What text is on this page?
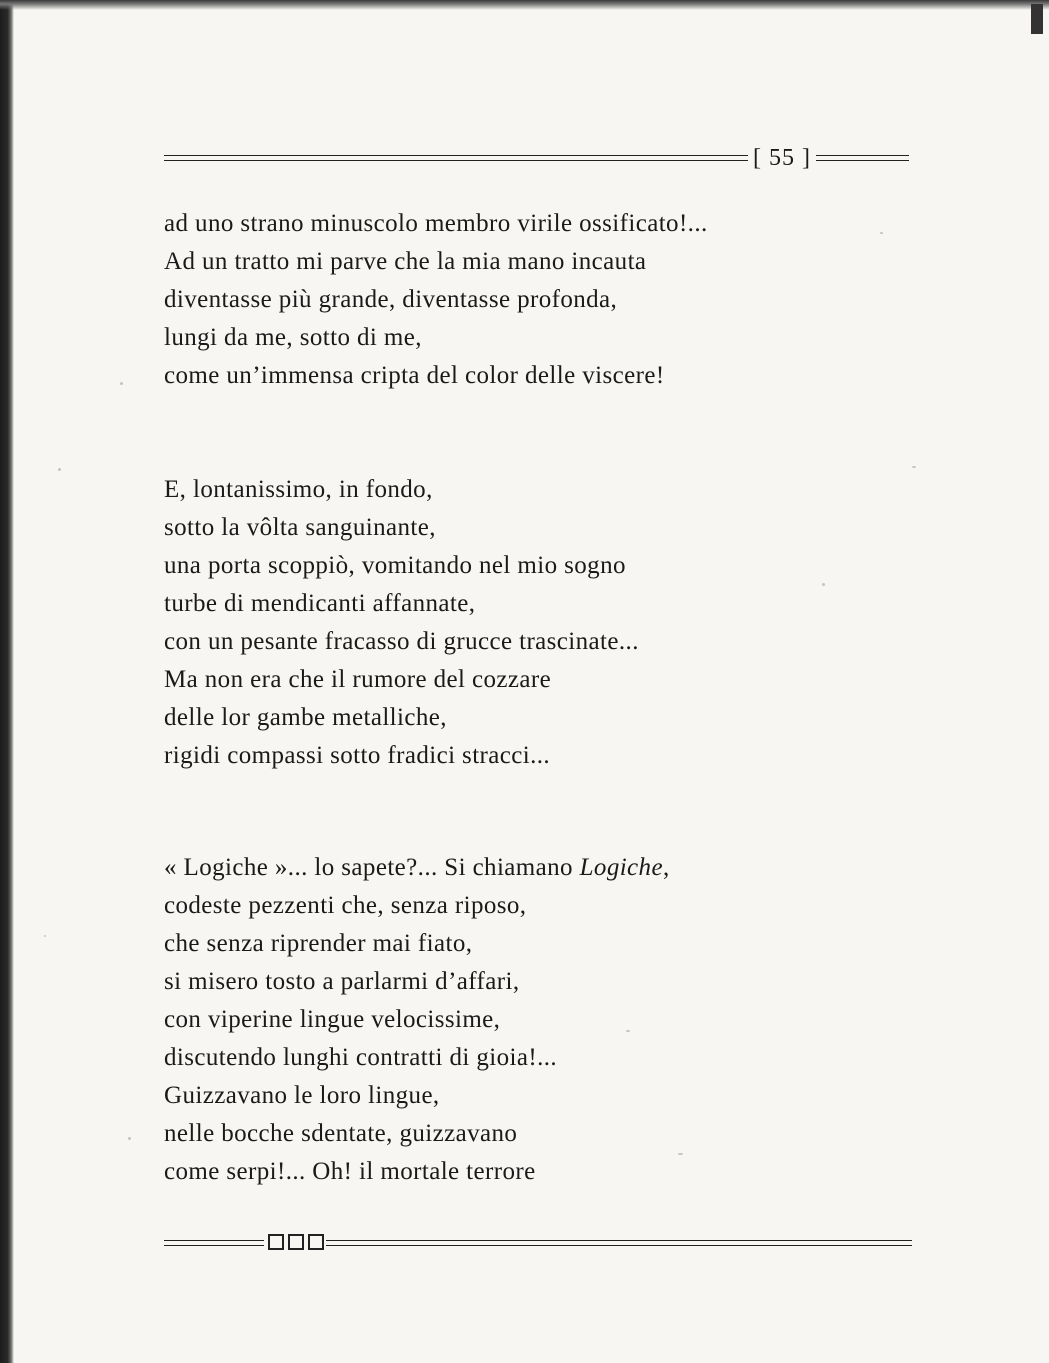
[ 55 ]
ad uno strano minuscolo membro virile ossificato!...
Ad un tratto mi parve che la mia mano incauta
diventasse più grande, diventasse profonda,
lungi da me, sotto di me,
come un’immensa cripta del color delle viscere!
E, lontanissimo, in fondo,
sotto la vôlta sanguinante,
una porta scoppiò, vomitando nel mio sogno
turbe di mendicanti affannate,
con un pesante fracasso di grucce trascinate...
Ma non era che il rumore del cozzare
delle lor gambe metalliche,
rigidi compassi sotto fradici stracci...
« Logiche »... lo sapete?... Si chiamano Logiche,
codeste pezzenti che, senza riposo,
che senza riprender mai fiato,
si misero tosto a parlarmi d’affari,
con viperine lingue velocissime,
discutendo lunghi contratti di gioia!...
Guizzavano le loro lingue,
nelle bocche sdentate, guizzavano
come serpi!... Oh! il mortale terrore
